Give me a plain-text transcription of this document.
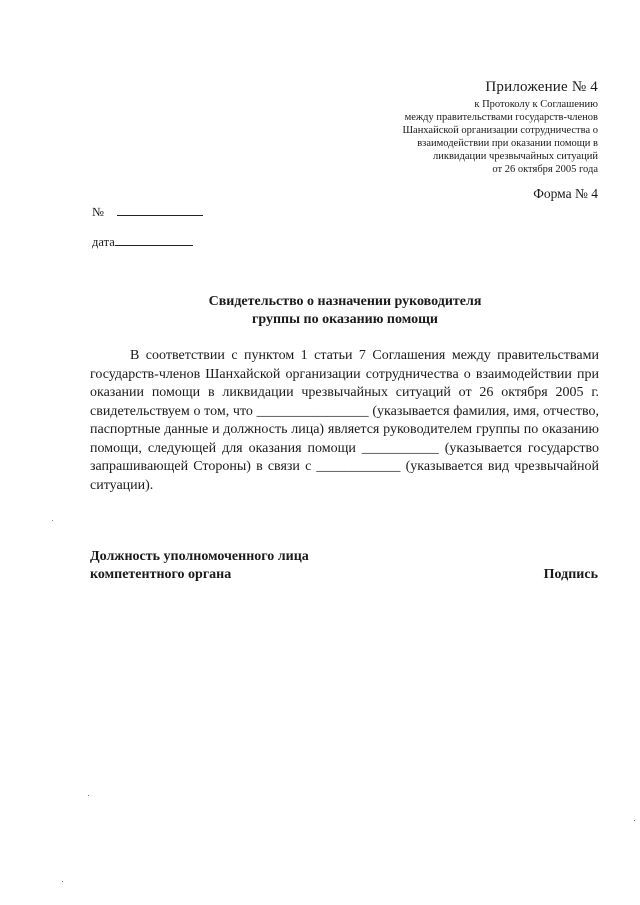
Приложение № 4
к Протоколу к Соглашению
между правительствами государств-членов
Шанхайской организации сотрудничества о
взаимодействии при оказании помощи в
ликвидации чрезвычайных ситуаций
от 26 октября 2005 года
Форма № 4
№
дата
Свидетельство о назначении руководителя
группы по оказанию помощи
В соответствии с пунктом 1 статьи 7 Соглашения между правительствами государств-членов Шанхайской организации сотрудничества о взаимодействии при оказании помощи в ликвидации чрезвычайных ситуаций от 26 октября 2005 г. свидетельствуем о том, что ________________ (указывается фамилия, имя, отчество, паспортные данные и должность лица) является руководителем группы по оказанию помощи, следующей для оказания помощи ___________ (указывается государство запрашивающей Стороны) в связи с ____________ (указывается вид чрезвычайной ситуации).
Должность уполномоченного лица
компетентного органа	Подпись
